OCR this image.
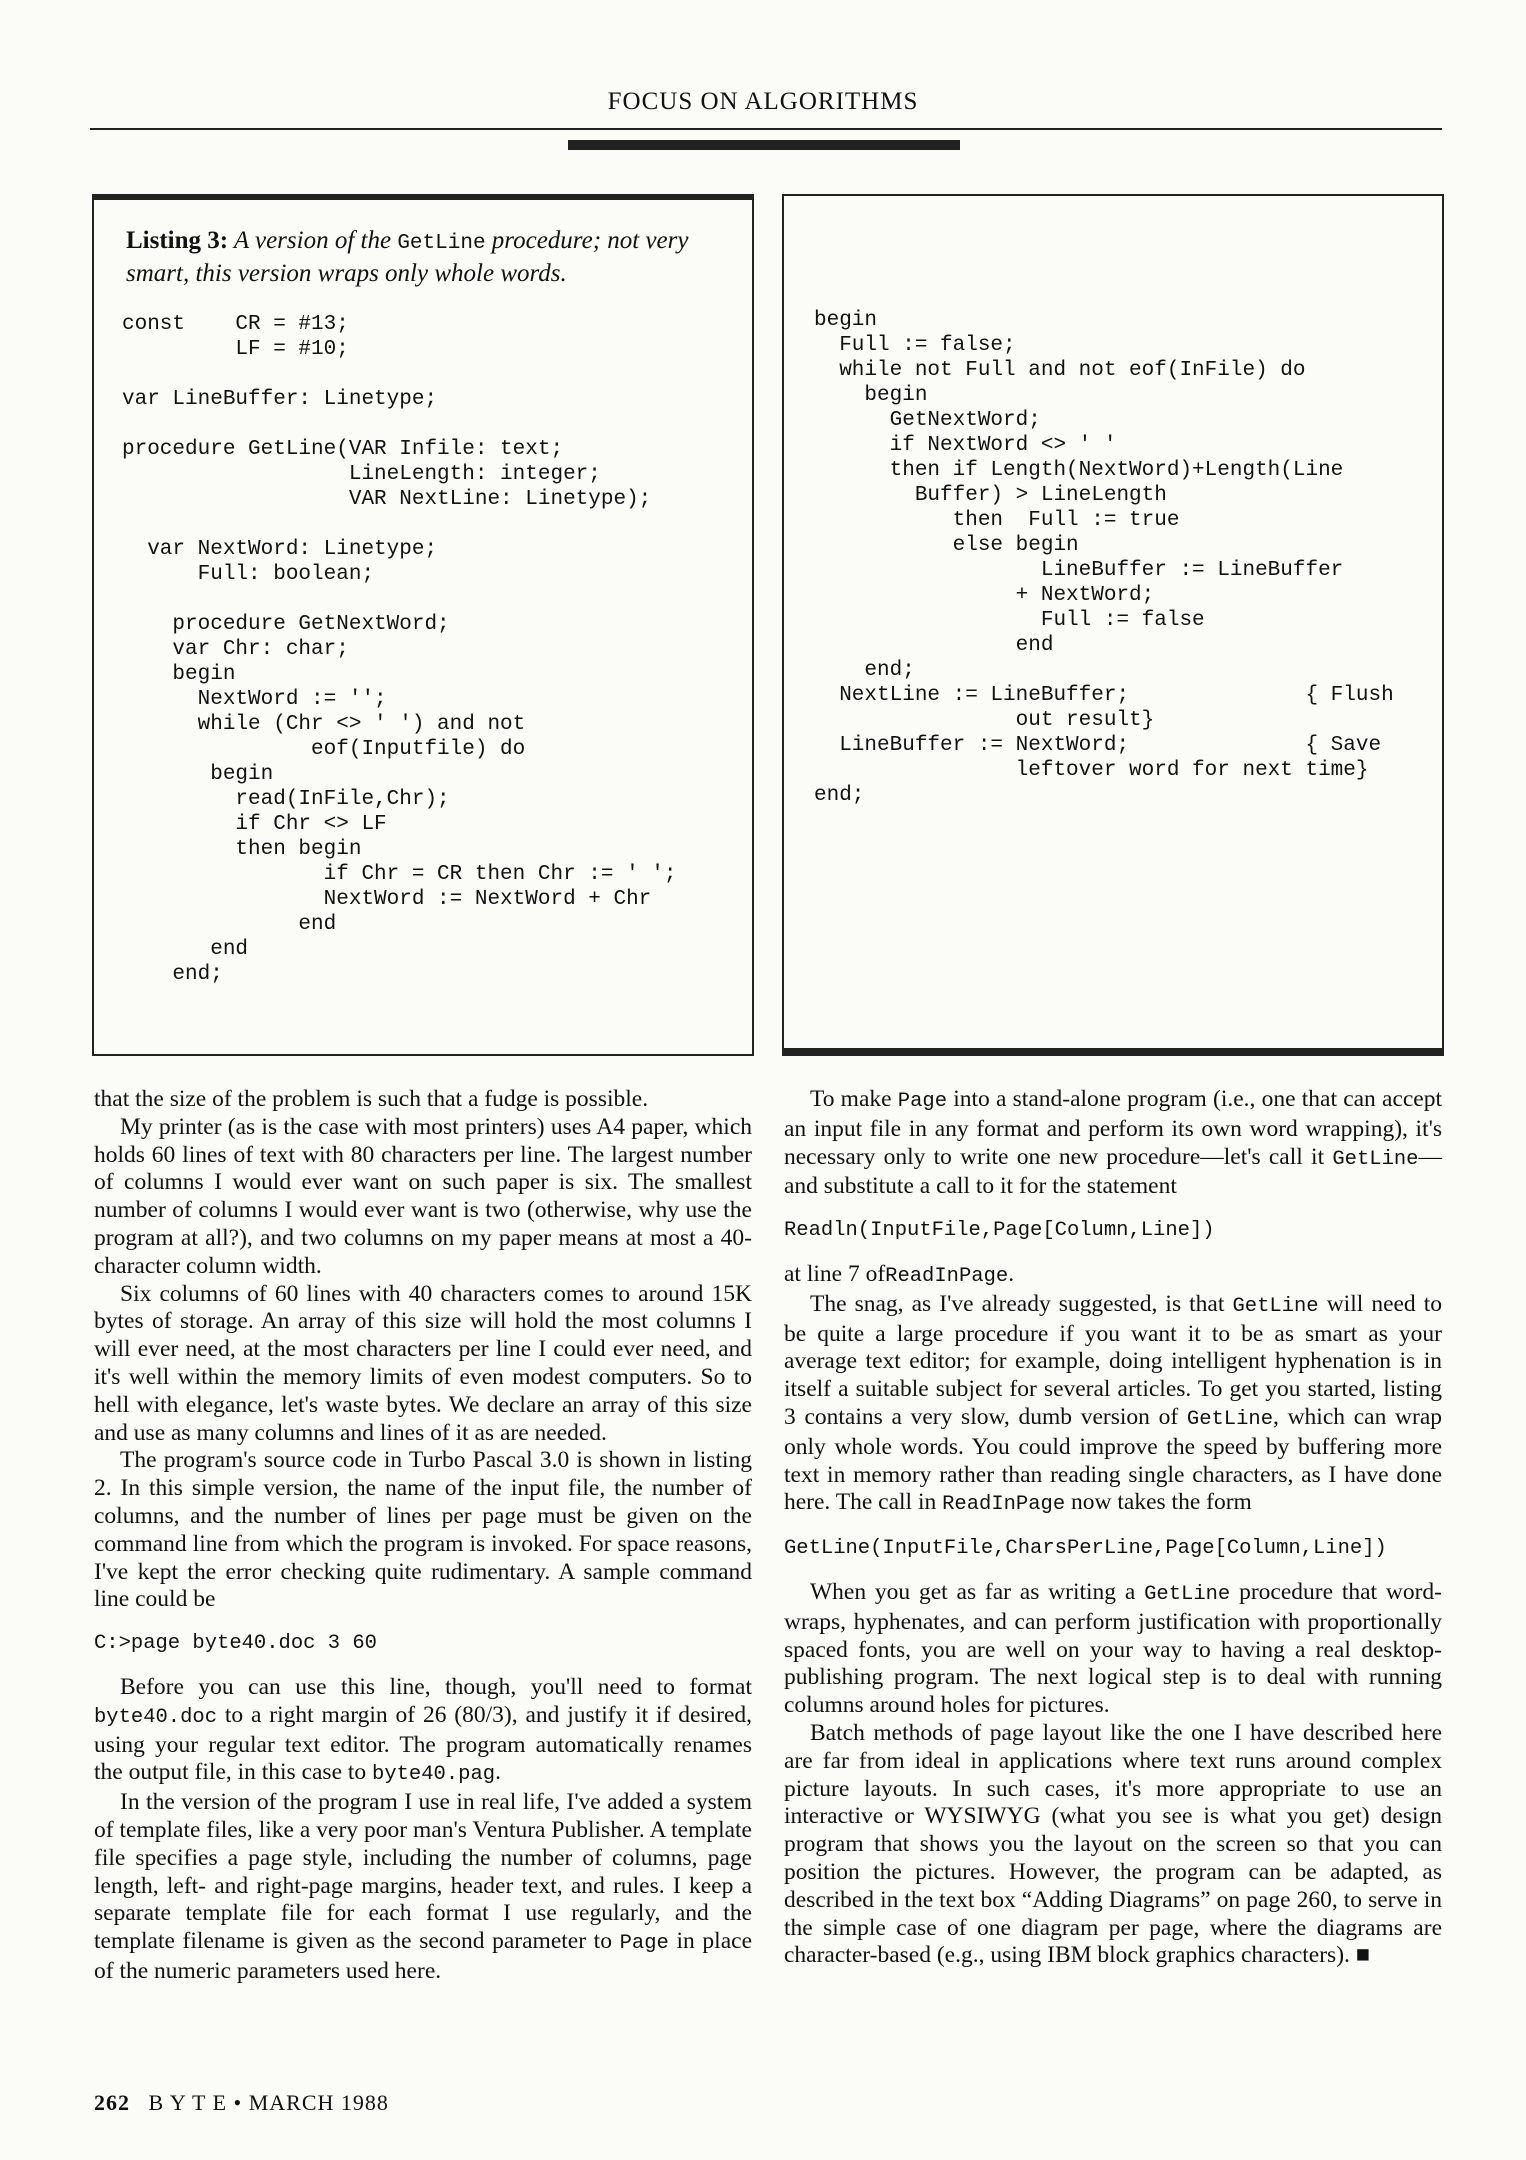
FOCUS ON ALGORITHMS
Listing 3: A version of the GetLine procedure; not very smart, this version wraps only whole words.
const    CR = #13;
LF = #10;

var LineBuffer: Linetype;

procedure GetLine(VAR Infile: text;
LineLength: integer;
VAR NextLine: Linetype);

var NextWord: Linetype;
Full: boolean;

procedure GetNextWord;
var Chr: char;
begin
NextWord := '';
while (Chr <> ' ') and not
eof(Inputfile) do
begin
read(InFile,Chr);
if Chr <> LF
then begin
if Chr = CR then Chr := ' ';
NextWord := NextWord + Chr
end
end
end;
begin
Full := false;
while not Full and not eof(InFile) do
begin
GetNextWord;
if NextWord <> ' '
then if Length(NextWord)+Length(Line
Buffer) > LineLength
then  Full := true
else begin
LineBuffer := LineBuffer
+ NextWord;
Full := false
end
end;
NextLine := LineBuffer;              { Flush
out result}
LineBuffer := NextWord;              { Save
leftover word for next time}
end;

that the size of the problem is such that a fudge is possible.

My printer (as is the case with most printers) uses A4 paper, which holds 60 lines of text with 80 characters per line. The largest number of columns I would ever want on such paper is six. The smallest number of columns I would ever want is two (otherwise, why use the program at all?), and two columns on my paper means at most a 40-character column width.

Six columns of 60 lines with 40 characters comes to around 15K bytes of storage. An array of this size will hold the most columns I will ever need, at the most characters per line I could ever need, and it's well within the memory limits of even modest computers. So to hell with elegance, let's waste bytes. We declare an array of this size and use as many columns and lines of it as are needed.

The program's source code in Turbo Pascal 3.0 is shown in listing 2. In this simple version, the name of the input file, the number of columns, and the number of lines per page must be given on the command line from which the program is invoked. For space reasons, I've kept the error checking quite rudimentary. A sample command line could be

C:>page byte40.doc 3 60

Before you can use this line, though, you'll need to format byte40.doc to a right margin of 26 (80/3), and justify it if desired, using your regular text editor. The program automatically renames the output file, in this case to byte40.pag.

In the version of the program I use in real life, I've added a system of template files, like a very poor man's Ventura Publisher. A template file specifies a page style, including the number of columns, page length, left- and right-page margins, header text, and rules. I keep a separate template file for each format I use regularly, and the template filename is given as the second parameter to Page in place of the numeric parameters used here.

To make Page into a stand-alone program (i.e., one that can accept an input file in any format and perform its own word wrapping), it's necessary only to write one new procedure—let's call it GetLine—and substitute a call to it for the statement

Readln(InputFile,Page[Column,Line])

at line 7 ofReadInPage.

The snag, as I've already suggested, is that GetLine will need to be quite a large procedure if you want it to be as smart as your average text editor; for example, doing intelligent hyphenation is in itself a suitable subject for several articles. To get you started, listing 3 contains a very slow, dumb version of GetLine, which can wrap only whole words. You could improve the speed by buffering more text in memory rather than reading single characters, as I have done here. The call in ReadInPage now takes the form

GetLine(InputFile,CharsPerLine,Page[Column,Line])

When you get as far as writing a GetLine procedure that word-wraps, hyphenates, and can perform justification with proportionally spaced fonts, you are well on your way to having a real desktop-publishing program. The next logical step is to deal with running columns around holes for pictures.

Batch methods of page layout like the one I have described here are far from ideal in applications where text runs around complex picture layouts. In such cases, it's more appropriate to use an interactive or WYSIWYG (what you see is what you get) design program that shows you the layout on the screen so that you can position the pictures. However, the program can be adapted, as described in the text box “Adding Diagrams” on page 260, to serve in the simple case of one diagram per page, where the diagrams are character-based (e.g., using IBM block graphics characters). ■

262 B Y T E • MARCH 1988
